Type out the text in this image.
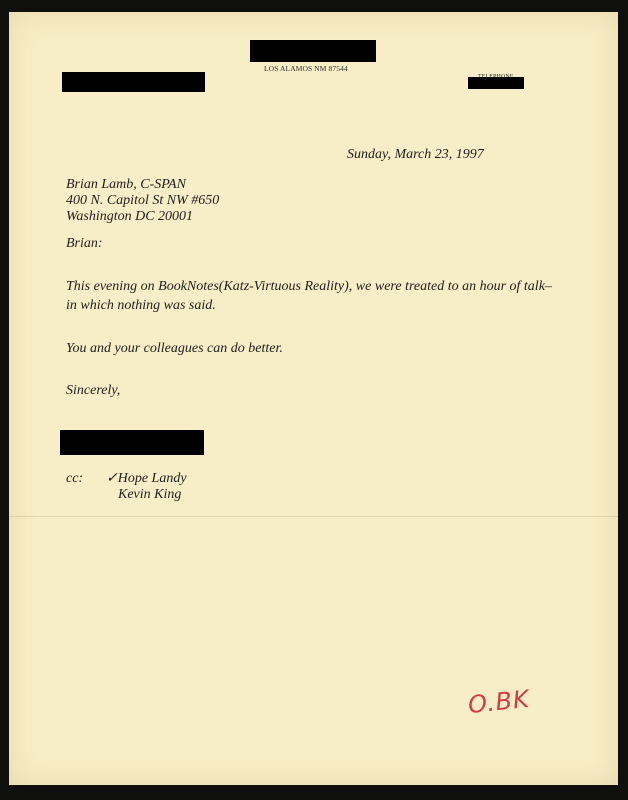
LOS ALAMOS NM 87544
Sunday, March 23, 1997
Brian Lamb, C-SPAN
400 N. Capitol St NW #650
Washington DC 20001
Brian:
This evening on BookNotes(Katz-Virtuous Reality), we were treated to an hour of talk–
in which nothing was said.
You and your colleagues can do better.
Sincerely,
cc: ✓Hope Landy
Kevin King
O.BK
